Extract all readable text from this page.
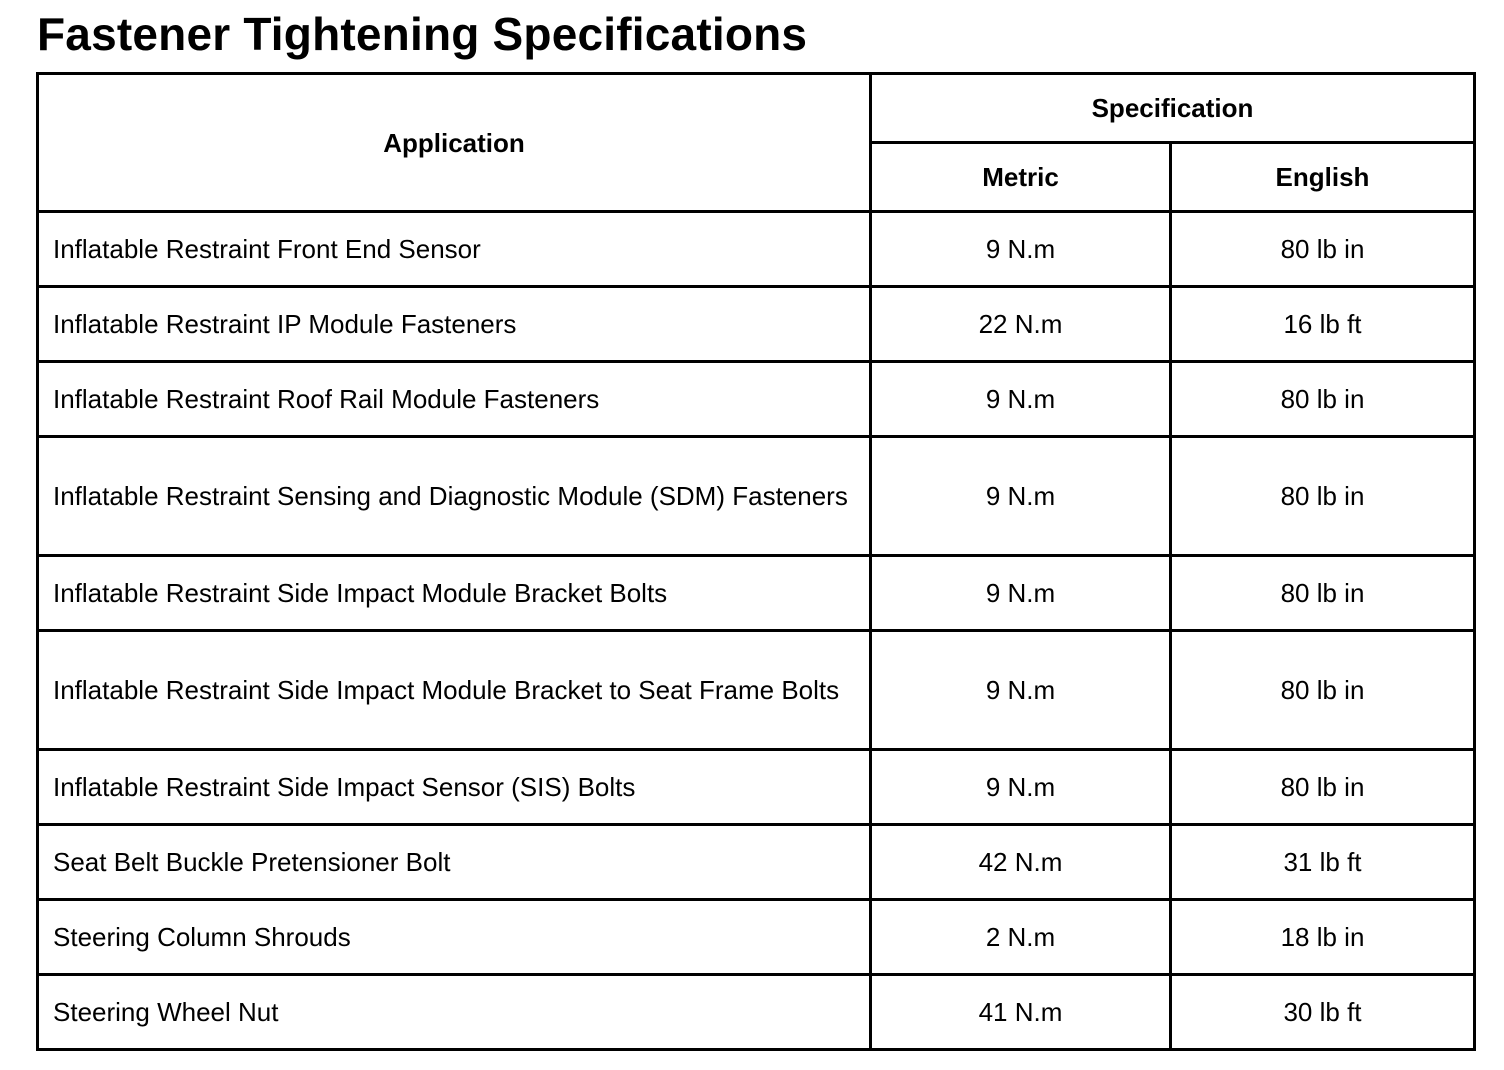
Fastener Tightening Specifications
Application	Specification	
	Metric	English
Inflatable Restraint Front End Sensor	9 N.m	80 lb in
Inflatable Restraint IP Module Fasteners	22 N.m	16 lb ft
Inflatable Restraint Roof Rail Module Fasteners	9 N.m	80 lb in
Inflatable Restraint Sensing and Diagnostic Module (SDM) Fasteners	9 N.m	80 lb in
Inflatable Restraint Side Impact Module Bracket Bolts	9 N.m	80 lb in
Inflatable Restraint Side Impact Module Bracket to Seat Frame Bolts	9 N.m	80 lb in
Inflatable Restraint Side Impact Sensor (SIS) Bolts	9 N.m	80 lb in
Seat Belt Buckle Pretensioner Bolt	42 N.m	31 lb ft
Steering Column Shrouds	2 N.m	18 lb in
Steering Wheel Nut	41 N.m	30 lb ft
